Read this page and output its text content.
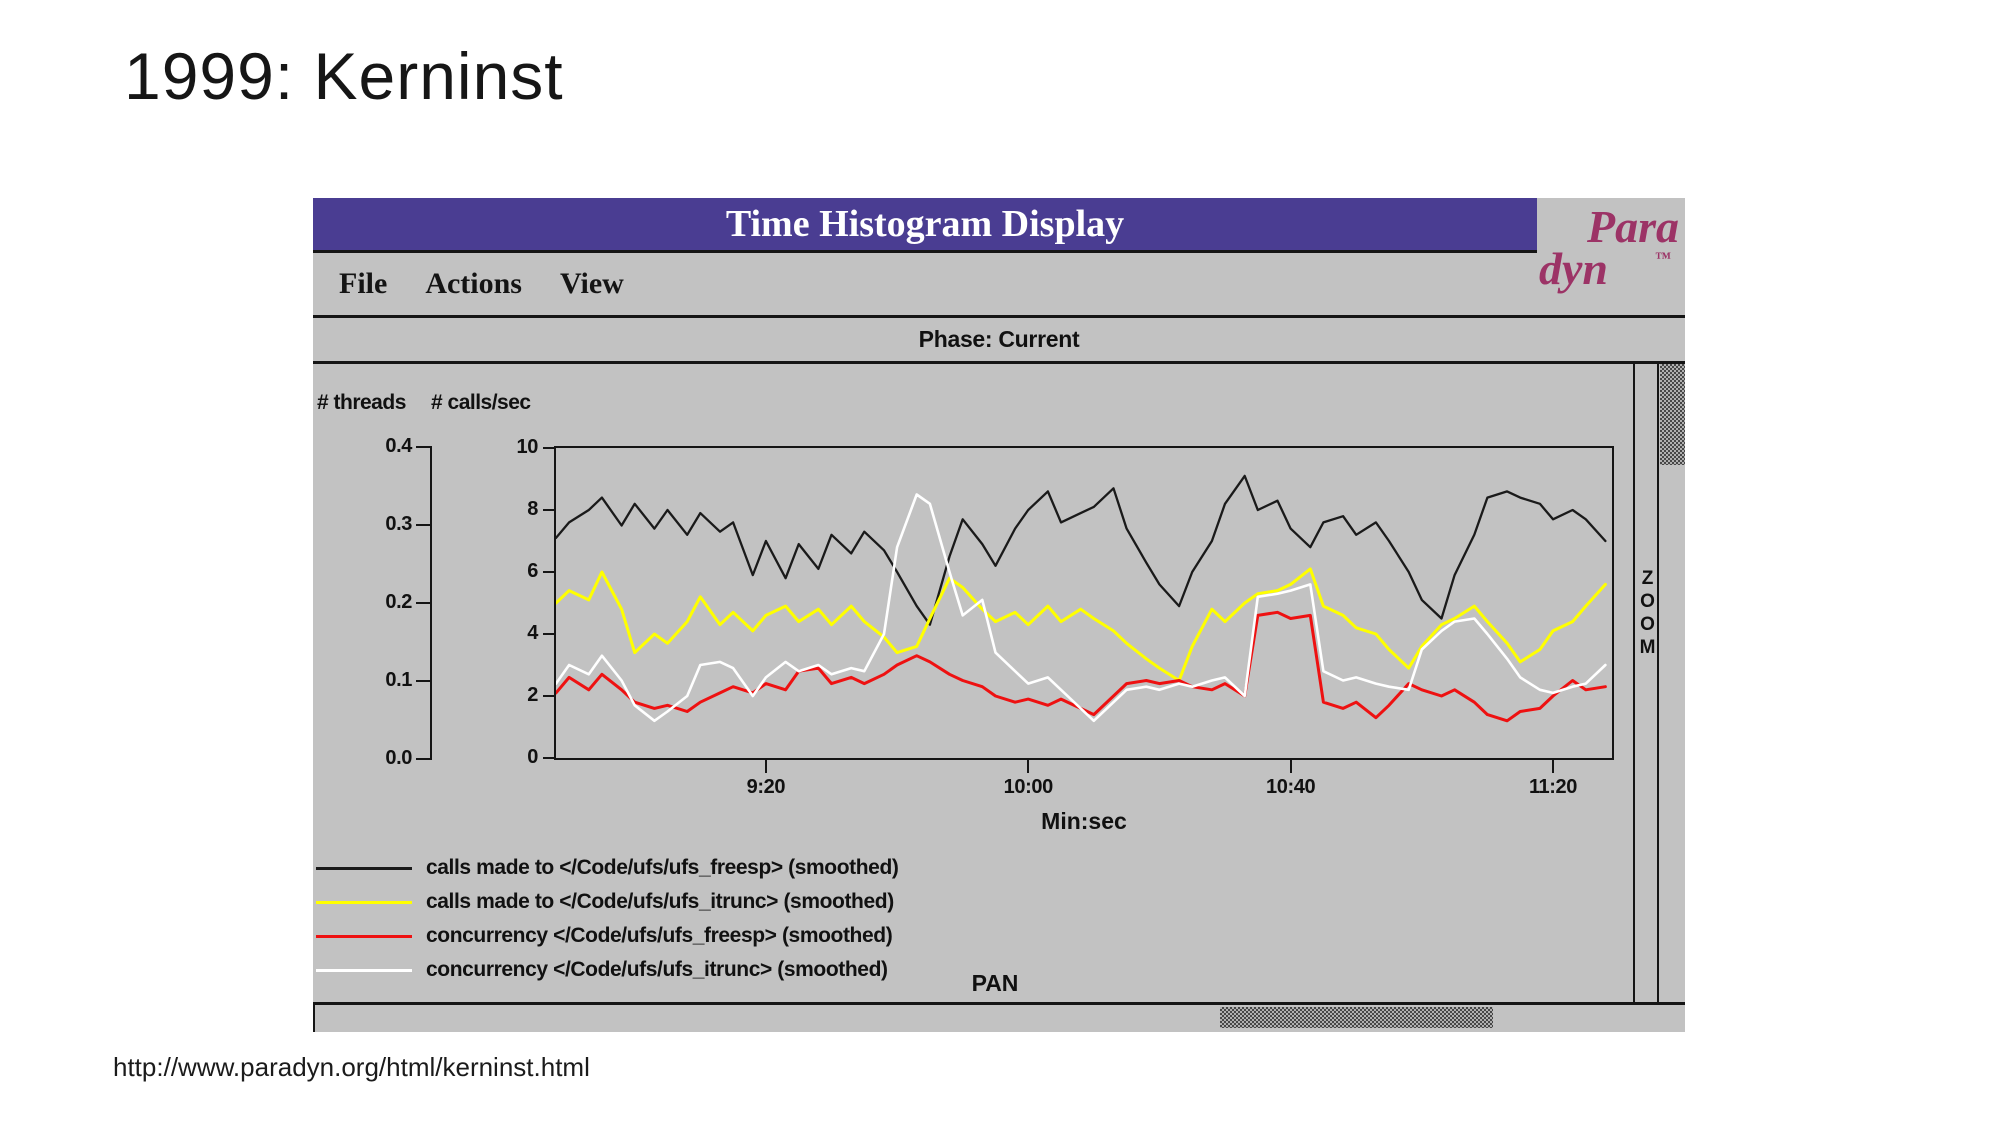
1999: Kerninst
Time Histogram Display	Para
dyn	™
File Actions View
Phase: Current
# threads # calls/sec
Min:sec
calls made to </Code/ufs/ufs_freesp> (smoothed)
calls made to </Code/ufs/ufs_itrunc> (smoothed)
concurrency </Code/ufs/ufs_freesp> (smoothed)
concurrency </Code/ufs/ufs_itrunc> (smoothed)
PAN
ZOOM
10
8
6
4
2
0
0.4
0.3
0.2
0.1
0.0
9:20	10:00	10:40	11:20
http://www.paradyn.org/html/kerninst.html
